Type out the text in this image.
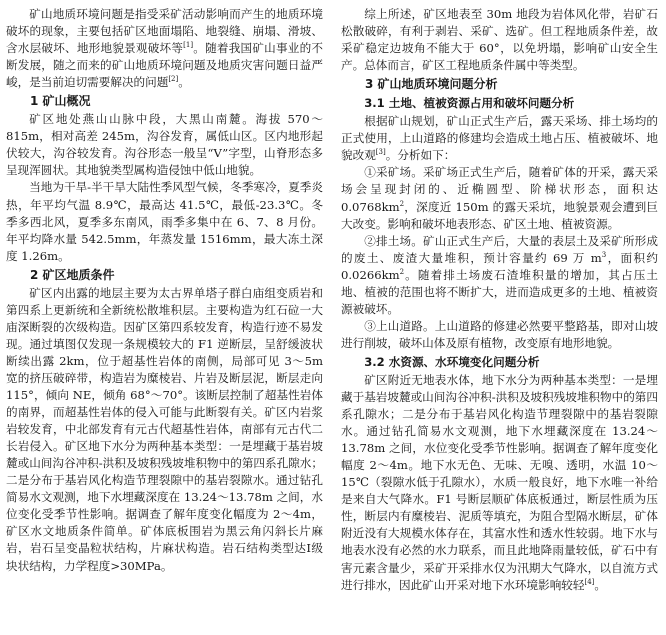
矿山地质环境问题是指受采矿活动影响而产生的地质环境破坏的现象，主要包括矿区地面塌陷、地裂缝、崩塌、滑坡、含水层破坏、地形地貌景观破坏等[1]。随着我国矿山事业的不断发展，随之而来的矿山地质环境问题及地质灾害问题日益严峻，是当前迫切需要解决的问题[2]。

1 矿山概况

矿区地处燕山山脉中段，大黑山南麓。海拔 570～815m，相对高差 245m，沟谷发育，属低山区。区内地形起伏较大，沟谷较发育。沟谷形态一般呈“V”字型，山脊形态多呈现浑圆状。其地貌类型属构造侵蚀中低山地貌。

当地为干旱-半干旱大陆性季风型气候，冬季寒冷，夏季炎热，年平均气温 8.9℃，最高达 41.5℃，最低-23.3℃。冬季多西北风，夏季多东南风，雨季多集中在 6、7、8 月份。年平均降水量 542.5mm，年蒸发量 1516mm，最大冻土深度 1.26m。

2 矿区地质条件

矿区内出露的地层主要为太古界单塔子群白庙组变质岩和第四系上更新统和全新统松散堆积层。主要构造为红石砬一大庙深断裂的次级构造。因矿区第四系较发育，构造行迹不易发现。通过填图仅发现一条规模较大的 F1 逆断层，呈舒缓波状断续出露 2km，位于超基性岩体的南侧，局部可见 3～5m 宽的挤压破碎带，构造岩为糜棱岩、片岩及断层泥，断层走向 115°，倾向 NE，倾角 68°～70°。该断层控制了超基性岩体的南界，而超基性岩体的侵入可能与此断裂有关。矿区内岩浆岩较发育，中北部发育有元古代超基性岩体，南部有元古代二长岩侵入。矿区地下水分为两种基本类型：一是埋藏于基岩坡麓或山间沟谷冲积-洪积及坡积残坡堆积物中的第四系孔隙水；二是分布于基岩风化构造节理裂隙中的基岩裂隙水。通过钻孔简易水文观测，地下水埋藏深度在 13.24～13.78m 之间，水位变化受季节性影响。据调查了解年度变化幅度为 2～4m，矿区水文地质条件简单。矿体底板围岩为黑云角闪斜长片麻岩，岩石呈变晶粒状结构，片麻状构造。岩石结构类型达Ⅰ级块状结构，力学程度>30MPa。

综上所述，矿区地表至 30m 地段为岩体风化带，岩矿石松散破碎，有利于剥岩、采矿、选矿。但工程地质条件差，故采矿稳定边坡角不能大于 60°，以免坍塌，影响矿山安全生产。总体而言，矿区工程地质条件属中等类型。

3 矿山地质环境问题分析
3.1 土地、植被资源占用和破坏问题分析

根据矿山规划，矿山正式生产后，露天采场、排土场均的正式使用，上山道路的修建均会造成土地占压、植被破坏、地貌改观[3]。分析如下：

①采矿场。采矿场正式生产后，随着矿体的开采，露天采场会呈现封闭的、近椭圆型、阶梯状形态，面积达 $0.0768km^2$，深度近 150m 的露天采坑，地貌景观会遭到巨大改变。影响和破坏地表形态、矿区土地、植被资源。

②排土场。矿山正式生产后，大量的表层土及采矿所形成的废土、废渣大量堆积，预计容量约 69 万 $m^3$，面积约 $0.0266km^2$。随着排土场废石渣堆积量的增加，其占压土地、植被的范围也将不断扩大，进而造成更多的土地、植被资源被破坏。

③上山道路。上山道路的修建必然要平整路基，即对山坡进行削坡，破坏山体及原有植物，改变原有地形地貌。

3.2 水资源、水环境变化问题分析

矿区附近无地表水体，地下水分为两种基本类型：一是埋藏于基岩坡麓或山间沟谷冲积-洪积及坡积残坡堆积物中的第四系孔隙水；二是分布于基岩风化构造节理裂隙中的基岩裂隙水。通过钻孔简易水文观测，地下水埋藏深度在 13.24～13.78m 之间，水位变化受季节性影响。据调查了解年度变化幅度 2～4m。地下水无色、无味、无嗅、透明，水温 10～15℃（裂隙水低于孔隙水），水质一般良好，地下水唯一补给是来自大气降水。F1 号断层顺矿体底板通过，断层性质为压性，断层内有糜棱岩、泥质等填充，为阻合型隔水断层，矿体附近没有大规模水体存在，其富水性和透水性较弱。地下水与地表水没有必然的水力联系，而且此地降雨量较低，矿石中有害元素含量少，采矿开采排水仅为汛期大气降水，以自流方式进行排水，因此矿山开采对地下水环境影响较轻[4]。
